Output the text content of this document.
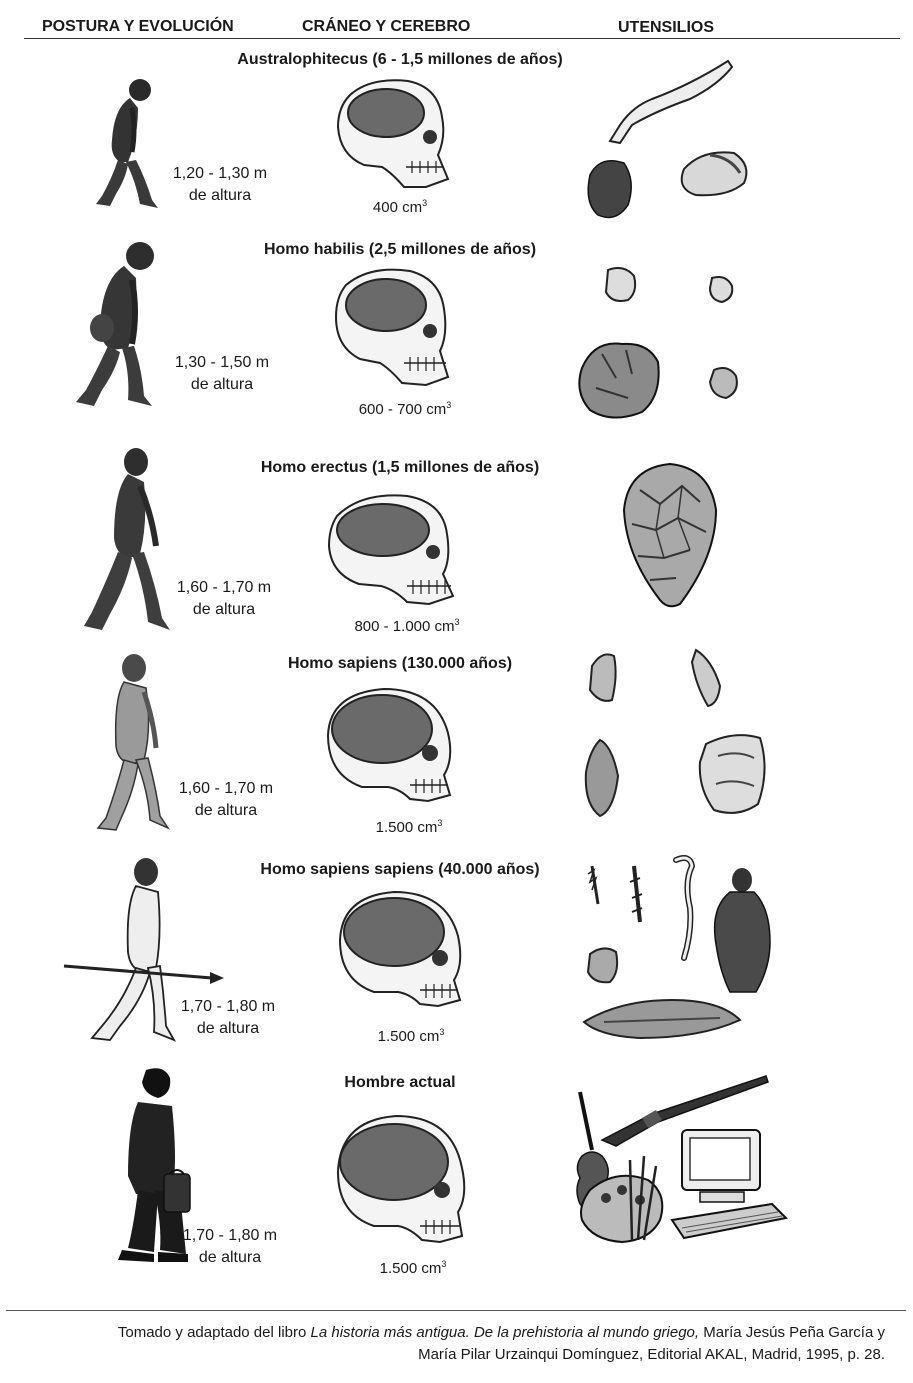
POSTURA Y EVOLUCIÓN	CRÁNEO Y CEREBRO	UTENSILIOS
Australophitecus (6 - 1,5 millones de años)
1,20 - 1,30 m
de altura
400 $cm^3$
Homo habilis (2,5 millones de años)
1,30 - 1,50 m
de altura
600 - 700 $cm^3$
Homo erectus (1,5 millones de años)
1,60 - 1,70 m
de altura
800 - 1.000 $cm^3$
Homo sapiens (130.000 años)
1,60 - 1,70 m
de altura
1.500 $cm^3$
Homo sapiens sapiens (40.000 años)
1,70 - 1,80 m
de altura	1.500 $cm^3$
Hombre actual
1,70 - 1,80 m
de altura
1.500 $cm^3$
Tomado y adaptado del libro La historia más antigua. De la prehistoria al mundo griego, María Jesús Peña García y
María Pilar Urzainqui Domínguez, Editorial AKAL, Madrid, 1995, p. 28.
